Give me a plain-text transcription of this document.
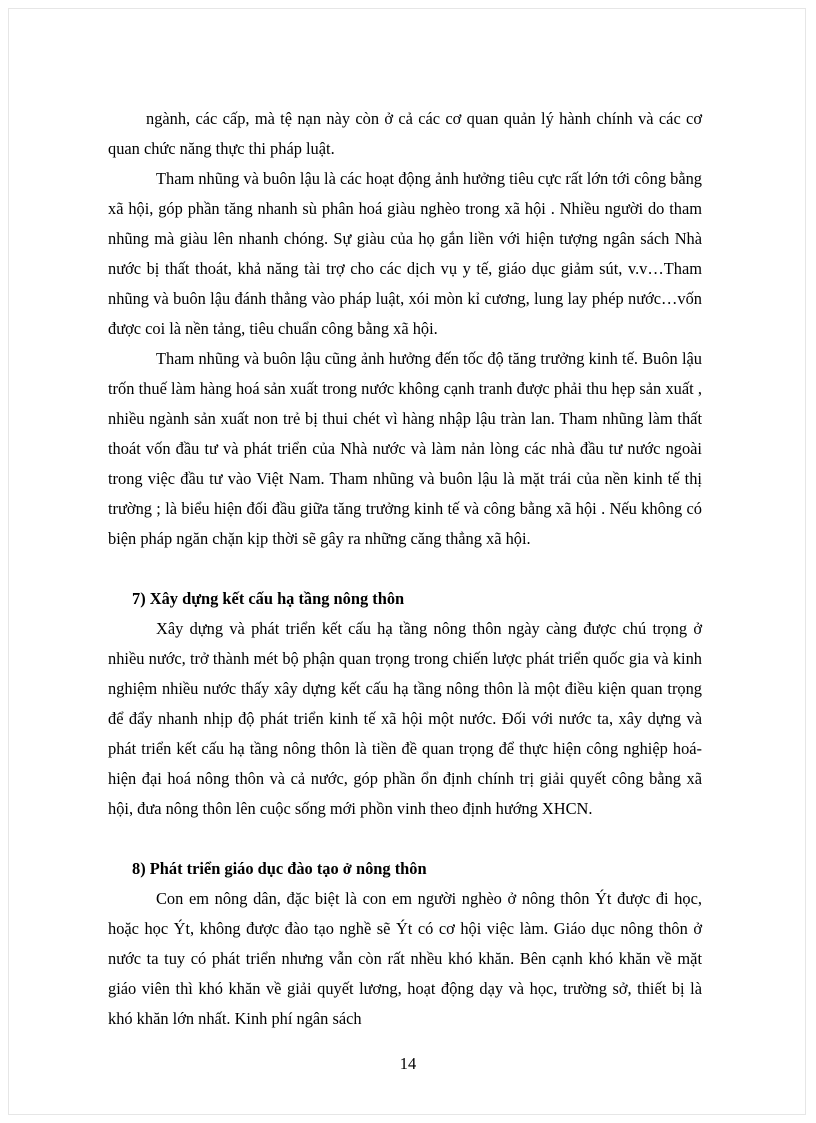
ngành, các cấp, mà tệ nạn này còn ở cả các cơ quan quản lý hành chính và các cơ quan chức năng thực thi pháp luật.

Tham nhũng và buôn lậu là các hoạt động ảnh hưởng tiêu cực rất lớn tới công bằng xã hội, góp phần tăng nhanh sù phân hoá giàu nghèo trong xã hội . Nhiều người do tham nhũng mà giàu lên nhanh chóng. Sự giàu của họ gắn liền với hiện tượng ngân sách Nhà nước bị thất thoát, khả năng tài trợ cho các dịch vụ y tế, giáo dục giảm sút, v.v…Tham nhũng và buôn lậu đánh thẳng vào pháp luật, xói mòn kỉ cương, lung lay phép nước…vốn được coi là nền tảng, tiêu chuẩn công bằng xã hội.

Tham nhũng và buôn lậu cũng ảnh hưởng đến tốc độ tăng trưởng kinh tế. Buôn lậu trốn thuế làm hàng hoá sản xuất trong nước không cạnh tranh được phải thu hẹp sản xuất , nhiều ngành sản xuất non trẻ bị thui chét vì hàng nhập lậu tràn lan. Tham nhũng làm thất thoát vốn đầu tư và phát triển của Nhà nước và làm nản lòng các nhà đầu tư nước ngoài trong việc đầu tư vào Việt Nam. Tham nhũng và buôn lậu là mặt trái của nền kinh tế thị trường ; là biểu hiện đối đầu giữa tăng trưởng kinh tế và công bằng xã hội . Nếu không có biện pháp ngăn chặn kịp thời sẽ gây ra những căng thẳng xã hội.

7) Xây dựng kết cấu hạ tầng nông thôn

Xây dựng và phát triển kết cấu hạ tầng nông thôn ngày càng được chú trọng ở nhiều nước, trở thành mét bộ phận quan trọng trong chiến lược phát triển quốc gia và kinh nghiệm nhiều nước thấy xây dựng kết cấu hạ tầng nông thôn là một điều kiện quan trọng để đẩy nhanh nhịp độ phát triển kinh tế xã hội một nước. Đối với nước ta, xây dựng và phát triển kết cấu hạ tầng nông thôn là tiền đề quan trọng để thực hiện công nghiệp hoá- hiện đại hoá nông thôn và cả nước, góp phần ổn định chính trị giải quyết công bằng xã hội, đưa nông thôn lên cuộc sống mới phồn vinh theo định hướng XHCN.

8) Phát triển giáo dục đào tạo ở nông thôn

Con em nông dân, đặc biệt là con em người nghèo ở nông thôn Ýt được đi học, hoặc học Ýt, không được đào tạo nghề sẽ Ýt có cơ hội việc làm. Giáo dục nông thôn ở nước ta tuy có phát triển nhưng vẫn còn rất nhều khó khăn. Bên cạnh khó khăn về mặt giáo viên thì khó khăn về giải quyết lương, hoạt động dạy và học, trường sở, thiết bị là khó khăn lớn nhất. Kinh phí ngân sách

14
